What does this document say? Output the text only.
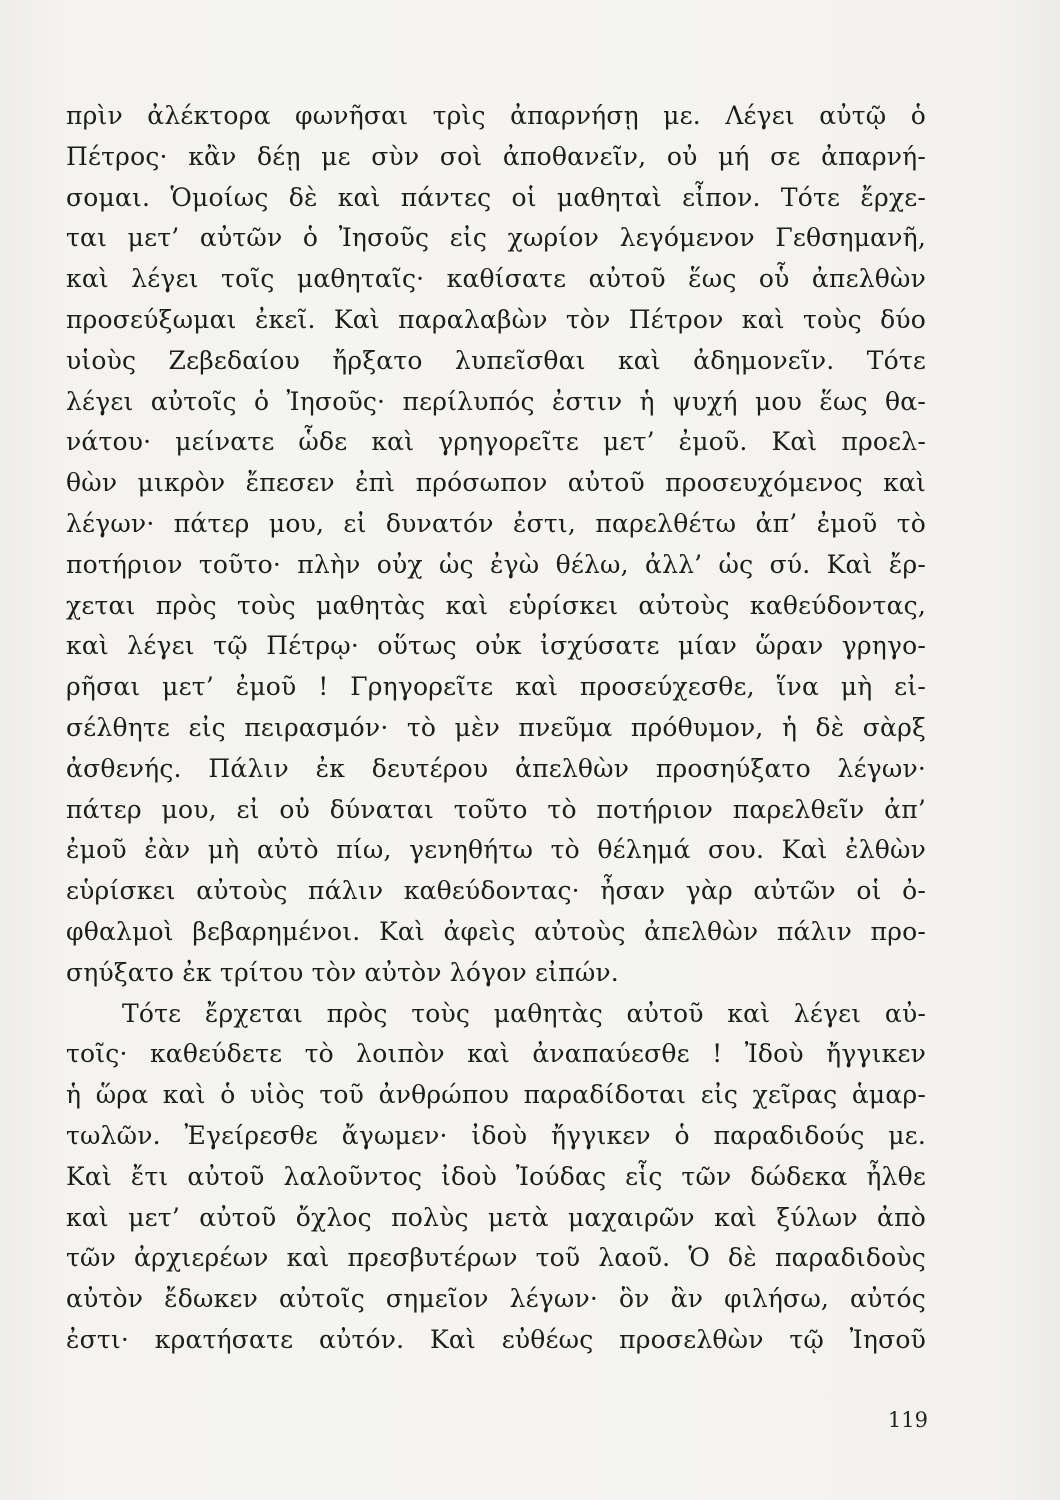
πρὶν ἀλέκτορα φωνῆσαι τρὶς ἀπαρνήσῃ με. Λέγει αὐτῷ ὁ
Πέτρος· κἂν δέῃ με σὺν σοὶ ἀποθανεῖν, οὐ μή σε ἀπαρνή-
σομαι. Ὁμοίως δὲ καὶ πάντες οἱ μαθηταὶ εἶπον. Τότε ἔρχε-
ται μετ’ αὐτῶν ὁ Ἰησοῦς εἰς χωρίον λεγόμενον Γεθσημανῆ,
καὶ λέγει τοῖς μαθηταῖς· καθίσατε αὐτοῦ ἕως οὗ ἀπελθὼν
προσεύξωμαι ἐκεῖ. Καὶ παραλαβὼν τὸν Πέτρον καὶ τοὺς δύο
υἱοὺς Ζεβεδαίου ἤρξατο λυπεῖσθαι καὶ ἀδημονεῖν. Τότε
λέγει αὐτοῖς ὁ Ἰησοῦς· περίλυπός ἐστιν ἡ ψυχή μου ἕως θα-
νάτου· μείνατε ὧδε καὶ γρηγορεῖτε μετ’ ἐμοῦ. Καὶ προελ-
θὼν μικρὸν ἔπεσεν ἐπὶ πρόσωπον αὐτοῦ προσευχόμενος καὶ
λέγων· πάτερ μου, εἰ δυνατόν ἐστι, παρελθέτω ἀπ’ ἐμοῦ τὸ
ποτήριον τοῦτο· πλὴν οὐχ ὡς ἐγὼ θέλω, ἀλλ’ ὡς σύ. Καὶ ἔρ-
χεται πρὸς τοὺς μαθητὰς καὶ εὑρίσκει αὐτοὺς καθεύδοντας,
καὶ λέγει τῷ Πέτρῳ· οὕτως οὐκ ἰσχύσατε μίαν ὥραν γρηγο-
ρῆσαι μετ’ ἐμοῦ ! Γρηγορεῖτε καὶ προσεύχεσθε, ἵνα μὴ εἰ-
σέλθητε εἰς πειρασμόν· τὸ μὲν πνεῦμα πρόθυμον, ἡ δὲ σὰρξ
ἀσθενής. Πάλιν ἐκ δευτέρου ἀπελθὼν προσηύξατο λέγων·
πάτερ μου, εἰ οὐ δύναται τοῦτο τὸ ποτήριον παρελθεῖν ἀπ’
ἐμοῦ ἐὰν μὴ αὐτὸ πίω, γενηθήτω τὸ θέλημά σου. Καὶ ἐλθὼν
εὑρίσκει αὐτοὺς πάλιν καθεύδοντας· ἦσαν γὰρ αὐτῶν οἱ ὀ-
φθαλμοὶ βεβαρημένοι. Καὶ ἀφεὶς αὐτοὺς ἀπελθὼν πάλιν προ-
σηύξατο ἐκ τρίτου τὸν αὐτὸν λόγον εἰπών.
Τότε ἔρχεται πρὸς τοὺς μαθητὰς αὐτοῦ καὶ λέγει αὐ-
τοῖς· καθεύδετε τὸ λοιπὸν καὶ ἀναπαύεσθε ! Ἰδοὺ ἤγγικεν
ἡ ὥρα καὶ ὁ υἱὸς τοῦ ἀνθρώπου παραδίδοται εἰς χεῖρας ἁμαρ-
τωλῶν. Ἐγείρεσθε ἄγωμεν· ἰδοὺ ἤγγικεν ὁ παραδιδούς με.
Καὶ ἔτι αὐτοῦ λαλοῦντος ἰδοὺ Ἰούδας εἷς τῶν δώδεκα ἦλθε
καὶ μετ’ αὐτοῦ ὄχλος πολὺς μετὰ μαχαιρῶν καὶ ξύλων ἀπὸ
τῶν ἀρχιερέων καὶ πρεσβυτέρων τοῦ λαοῦ. Ὁ δὲ παραδιδοὺς
αὐτὸν ἔδωκεν αὐτοῖς σημεῖον λέγων· ὃν ἂν φιλήσω, αὐτός
ἐστι· κρατήσατε αὐτόν. Καὶ εὐθέως προσελθὼν τῷ Ἰησοῦ
119
